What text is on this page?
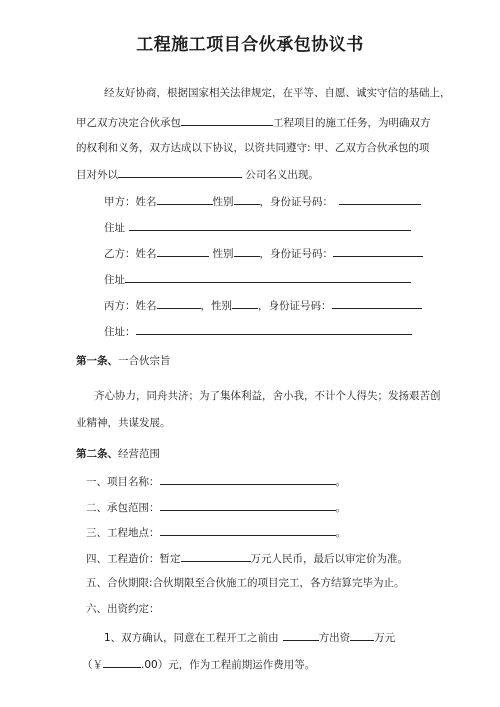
工程施工项目合伙承包协议书
经友好协商，根据国家相关法律规定，在平等、自愿、诚实守信的基础上，
甲乙双方决定合伙承包	工程项目的施工任务，为明确双方
的权利和义务，双方达成以下协议，以资共同遵守: 甲、乙双方合伙承包的项
目对外以	公司名义出现。
甲方：姓名	性别 ，身份证号码：
住址
乙方：姓名	性别 ，身份证号码：
住址
丙方：姓名	，性别 ，身份证号码：
住址：
第一条、一合伙宗旨
齐心协力，同舟共济；为了集体利益，舍小我，不计个人得失；发扬艰苦创
业精神，共谋发展。
第二条、经营范围
一、项目名称：	。
二、承包范围：	。
三、工程地点：	。
四、工程造价：暂定	万元人民币，最后以审定价为准。
五、合伙期限:合伙期限至合伙施工的项目完工，各方结算完毕为止。
六、出资约定：
1、双方确认，同意在工程开工之前由	方出资 万元
（￥	.00）元，作为工程前期运作费用等。
